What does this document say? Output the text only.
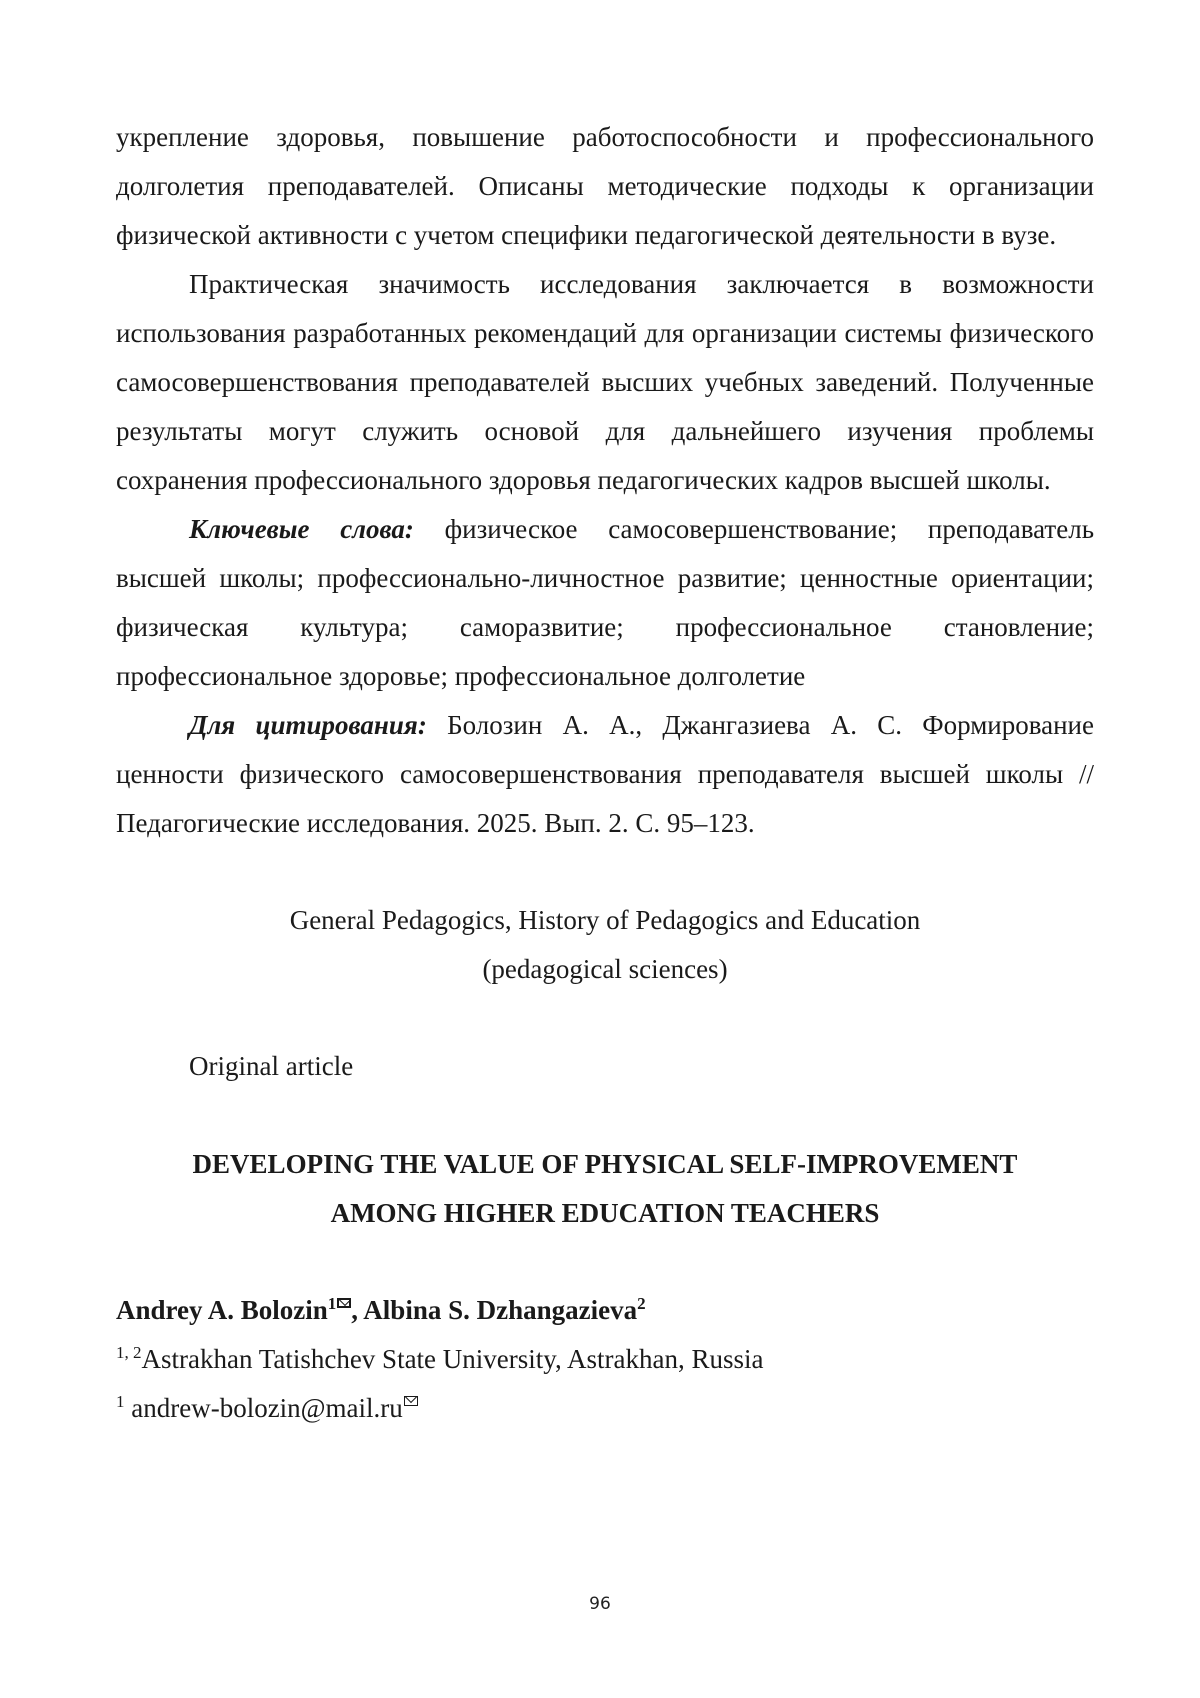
укрепление здоровья, повышение работоспособности и профессионального долголетия преподавателей. Описаны методические подходы к организации физической активности с учетом специфики педагогической деятельности в вузе.

Практическая значимость исследования заключается в возможности использования разработанных рекомендаций для организации системы физического самосовершенствования преподавателей высших учебных заведений. Полученные результаты могут служить основой для дальнейшего изучения проблемы сохранения профессионального здоровья педагогических кадров высшей школы.

Ключевые слова: физическое самосовершенствование; преподаватель высшей школы; профессионально-личностное развитие; ценностные ориентации; физическая культура; саморазвитие; профессиональное становление; профессиональное здоровье; профессиональное долголетие

Для цитирования: Болозин А. А., Джангазиева А. С. Формирование ценности физического самосовершенствования преподавателя высшей школы // Педагогические исследования. 2025. Вып. 2. С. 95–123.

General Pedagogics, History of Pedagogics and Education

(pedagogical sciences)

Original article

DEVELOPING THE VALUE OF PHYSICAL SELF-IMPROVEMENT
AMONG HIGHER EDUCATION TEACHERS
Andrey A. Bolozin$^1$ , Albina S. Dzhangazieva$^2$
$^{1, 2}$Astrakhan Tatishchev State University, Astrakhan, Russia
$^1$ andrew-bolozin@mail.ru
96
